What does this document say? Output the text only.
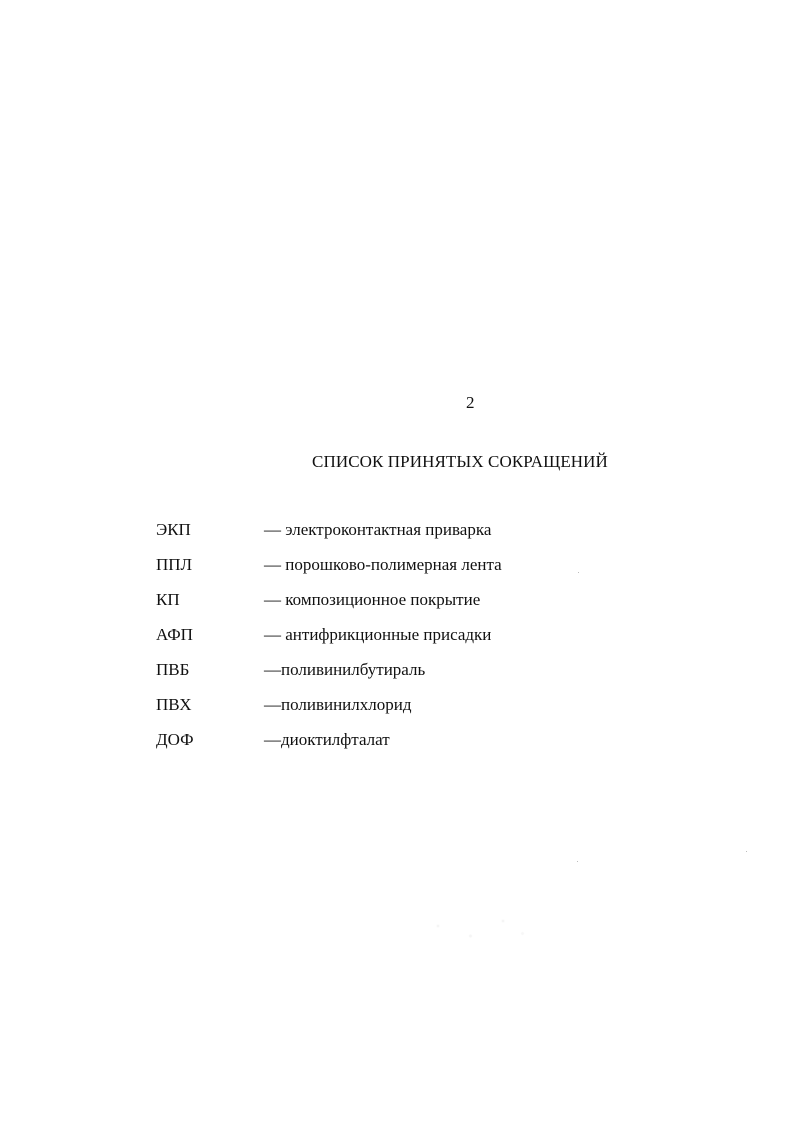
2
СПИСОК ПРИНЯТЫХ СОКРАЩЕНИЙ
ЭКП	— электроконтактная приварка
ППЛ	— порошково-полимерная лента
КП	— композиционное покрытие
АФП	— антифрикционные присадки
ПВБ	—поливинилбутираль
ПВХ	—поливинилхлорид
ДОФ	—диоктилфталат
